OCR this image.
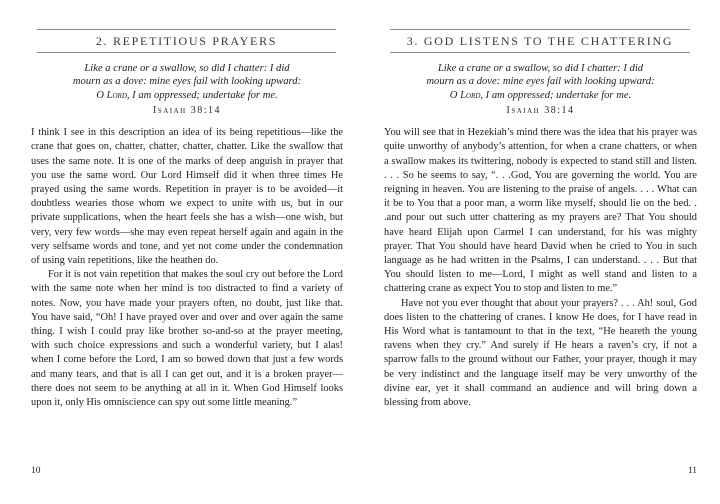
2. REPETITIOUS PRAYERS
Like a crane or a swallow, so did I chatter: I did
mourn as a dove: mine eyes fail with looking upward:
O Lord, I am oppressed; undertake for me.
Isaiah 38:14

I think I see in this description an idea of its being repetitious—like the crane that goes on, chatter, chatter, chatter, chatter. Like the swallow that uses the same note. It is one of the marks of deep anguish in prayer that you use the same word. Our Lord Himself did it when three times He prayed using the same words. Repetition in prayer is to be avoided—it doubtless wearies those whom we expect to unite with us, but in our private supplications, when the heart feels she has a wish—one wish, but very, very few words—she may even repeat herself again and again in the very selfsame words and tone, and yet not come under the condemnation of using vain repetitions, like the heathen do.

For it is not vain repetition that makes the soul cry out before the Lord with the same note when her mind is too distracted to find a variety of notes. Now, you have made your prayers often, no doubt, just like that. You have said, “Oh! I have prayed over and over and over again the same thing. I wish I could pray like brother so-and-so at the prayer meeting, with such choice expressions and such a wonderful variety, but I alas! when I come before the Lord, I am so bowed down that just a few words and many tears, and that is all I can get out, and it is a broken prayer—there does not seem to be anything at all in it. When God Himself looks upon it, only His omniscience can spy out some little meaning.”

10
3. GOD LISTENS TO THE CHATTERING
Like a crane or a swallow, so did I chatter: I did
mourn as a dove: mine eyes fail with looking upward:
O Lord, I am oppressed; undertake for me.
Isaiah 38:14

You will see that in Hezekiah’s mind there was the idea that his prayer was quite unworthy of anybody’s attention, for when a crane chatters, or when a swallow makes its twittering, nobody is expected to stand still and listen. . . . So he seems to say, “. . .God, You are governing the world. You are reigning in heaven. You are listening to the praise of angels. . . . What can it be to You that a poor man, a worm like myself, should lie on the bed. . .and pour out such utter chattering as my prayers are? That You should have heard Elijah upon Carmel I can understand, for his was mighty prayer. That You should have heard David when he cried to You in such language as he had written in the Psalms, I can understand. . . . But that You should listen to me—Lord, I might as well stand and listen to a chattering crane as expect You to stop and listen to me.”

Have not you ever thought that about your prayers? . . . Ah! soul, God does listen to the chattering of cranes. I know He does, for I have read in His Word what is tantamount to that in the text, “He heareth the young ravens when they cry.” And surely if He hears a raven’s cry, if not a sparrow falls to the ground without our Father, your prayer, though it may be very indistinct and the language itself may be very unworthy of the divine ear, yet it shall command an audience and will bring down a blessing from above.

11
